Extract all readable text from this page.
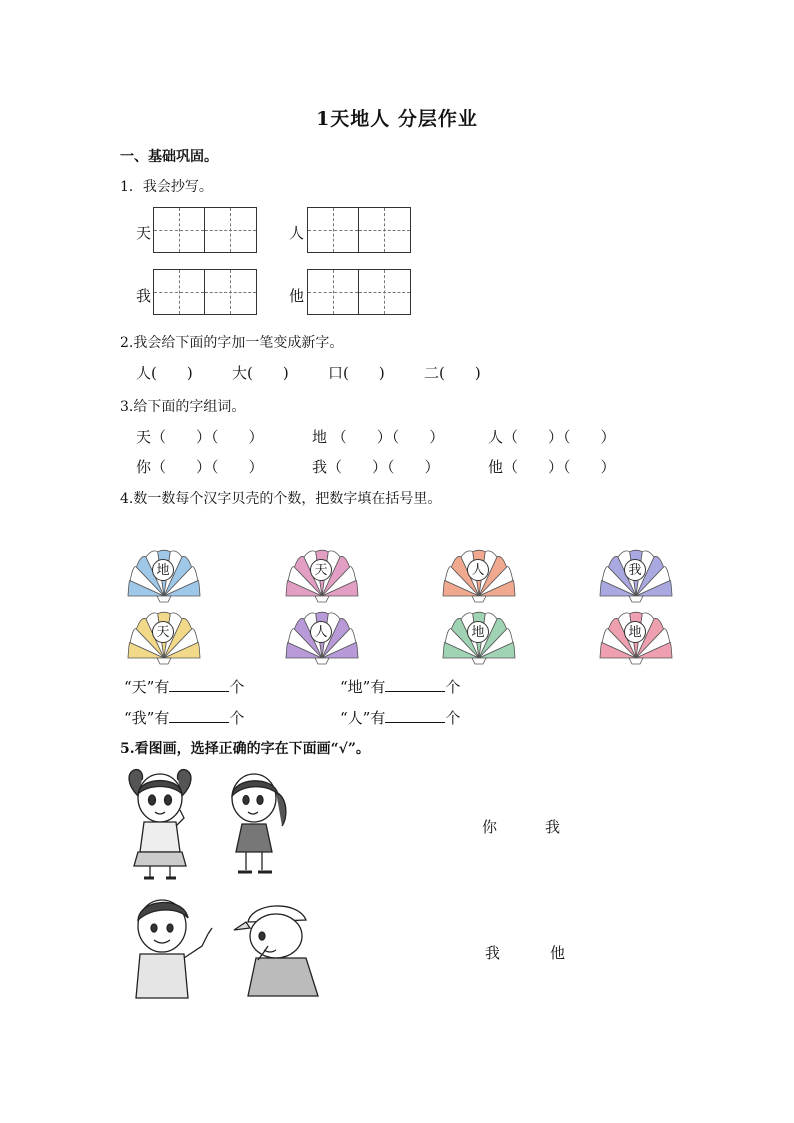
1天地人 分层作业
一、基础巩固。
1．我会抄写。
天	人
我	他
2.我会给下面的字加一笔变成新字。
人(　　)	大(　　)	口(　　)	二(　　)
3.给下面的字组词。
天（　　）（　　）	地 （　　）（　　）	人（　　）（　　）
你（　　）（　　）	我（　　）（　　）	他（　　）（　　）
4.数一数每个汉字贝壳的个数，把数字填在括号里。
地	天	人	我
天	人	地	地
“天”有	个	“地”有	个
“我”有	个	“人”有	个
5.看图画，选择正确的字在下面画“√”。
你	我
我	他
